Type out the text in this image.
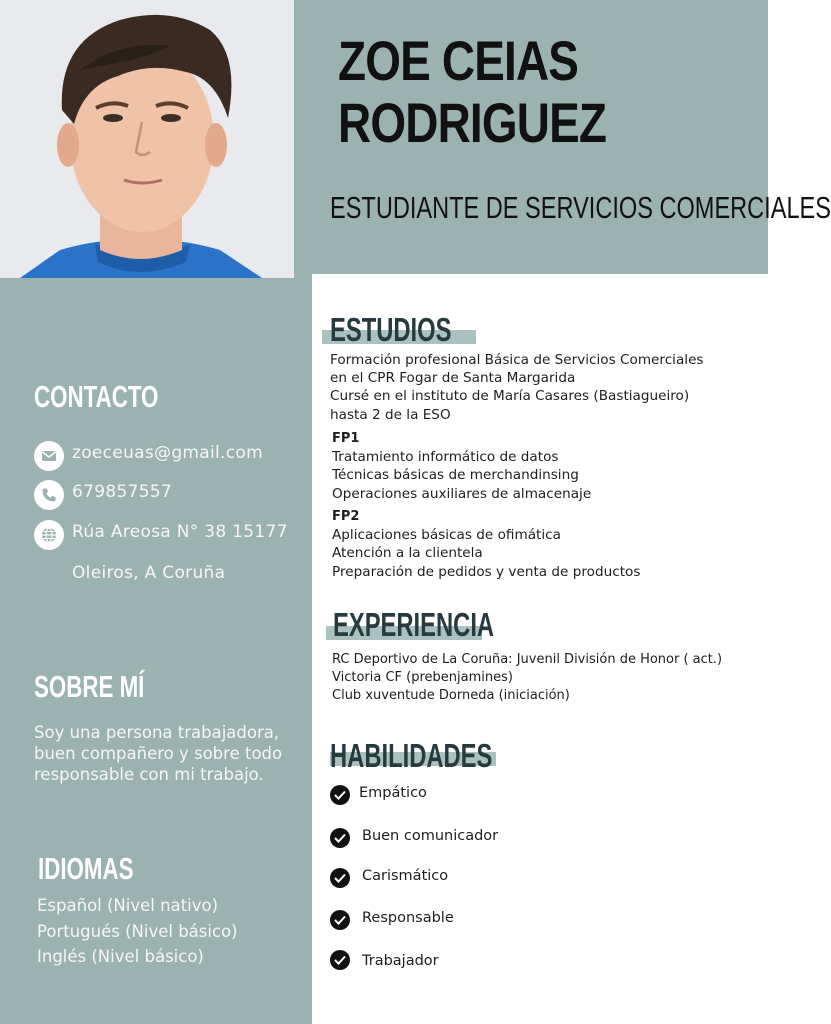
ZOE CEIAS
RODRIGUEZ
ESTUDIANTE DE SERVICIOS COMERCIALES
CONTACTO
zoeceuas@gmail.com
679857557
Rúa Areosa N° 38 15177
Oleiros, A Coruña
SOBRE MÍ
Soy una persona trabajadora,
buen compañero y sobre todo
responsable con mi trabajo.
IDIOMAS
Español (Nivel nativo)
Portugués (Nivel básico)
Inglés (Nivel básico)
ESTUDIOS
Formación profesional Básica de Servicios Comerciales
en el CPR Fogar de Santa Margarida
Cursé en el instituto de María Casares (Bastiagueiro)
hasta 2 de la ESO
FP1
Tratamiento informático de datos
Técnicas básicas de merchandinsing
Operaciones auxiliares de almacenaje
FP2
Aplicaciones básicas de ofimática
Atención a la clientela
Preparación de pedidos y venta de productos
EXPERIENCIA
RC Deportivo de La Coruña: Juvenil División de Honor ( act.)
Victoria CF (prebenjamines)
Club xuventude Dorneda (iniciación)
HABILIDADES
Empático
Buen comunicador
Carismático
Responsable
Trabajador
